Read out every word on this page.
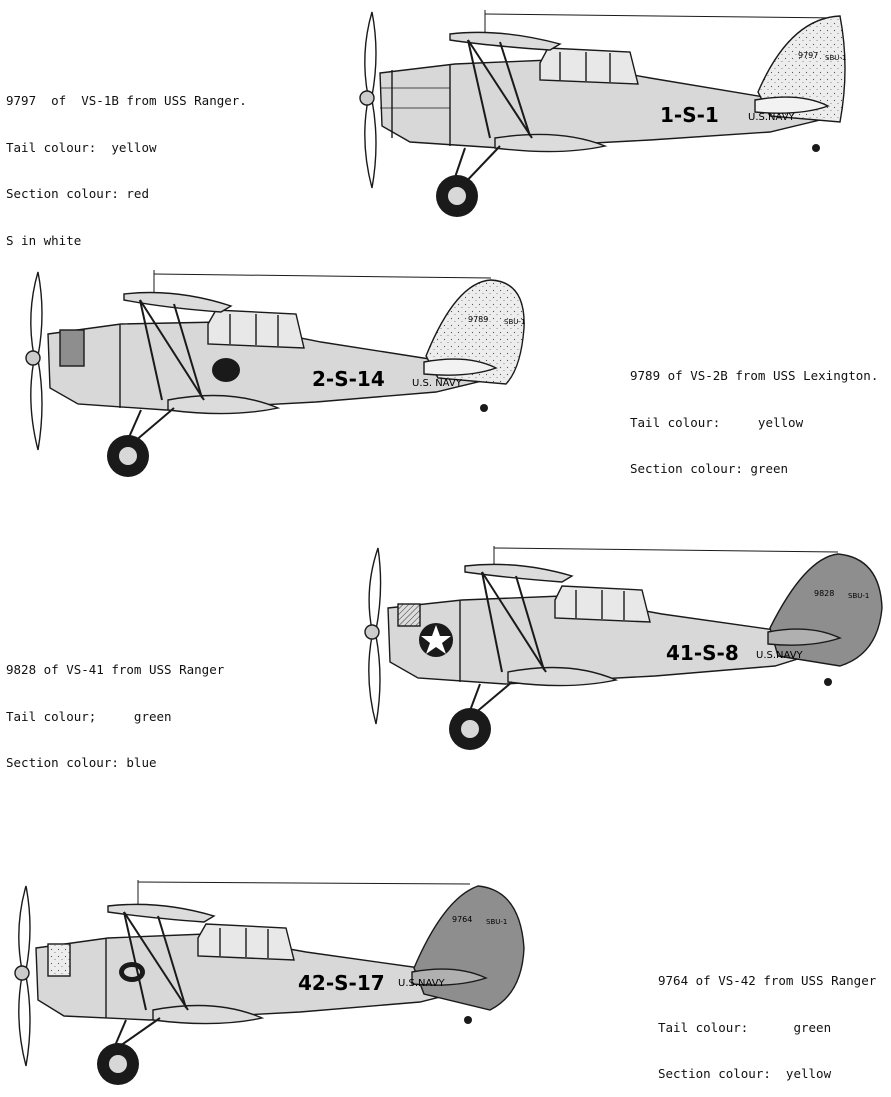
9797  of  VS-1B from USS Ranger.

Tail colour:  yellow

Section colour: red

S in white

9789 of VS-2B from USS Lexington.

Tail colour:     yellow

Section colour: green

9828 of VS-41 from USS Ranger

Tail colour;     green

Section colour: blue

9764 of VS-42 from USS Ranger

Tail colour:      green

Section colour:  yellow

9797 SBU-1
1-S-1	U.S.NAVY
9789 SBU-1
2-S-14	U.S. NAVY
9828 SBU-1
41-S-8 U.S.NAVY
9764 SBU-1
42-S-17 U.S.NAVY
